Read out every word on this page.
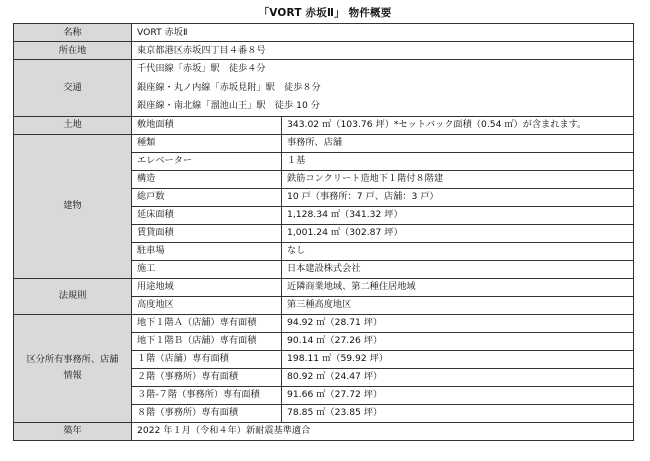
「VORT 赤坂Ⅱ」 物件概要
名称	VORT 赤坂Ⅱ	
所在地	東京都港区赤坂四丁目４番８号	
交通	千代田線「赤坂」駅　徒歩４分
銀座線・丸ノ内線「赤坂見附」駅　徒歩８分
銀座線・南北線「溜池山王」駅　徒歩 10 分	

土地	敷地面積	343.02 ㎡（103.76 坪）*セットバック面積（0.54 ㎡）が含まれます。
建物	種類	事務所、店舗
	エレベーター	１基
	構造	鉄筋コンクリート造地下１階付８階建
	総戸数	10 戸（事務所：7 戸、店舗：3 戸）
	延床面積	1,128.34 ㎡（341.32 坪）
	賃貸面積	1,001.24 ㎡（302.87 坪）
	駐車場	なし
	施工	日本建設株式会社
法規則	用途地域	近隣商業地域、第二種住居地域
	高度地区	第三種高度地区

区分所有事務所、店舗
情報	地下１階Ａ（店舗）専有面積	94.92 ㎡（28.71 坪）
	地下１階Ｂ（店舗）専有面積	90.14 ㎡（27.26 坪）
	１階（店舗）専有面積	198.11 ㎡（59.92 坪）
	２階（事務所）専有面積	80.92 ㎡（24.47 坪）
	３階-７階（事務所）専有面積	91.66 ㎡（27.72 坪）
	８階（事務所）専有面積	78.85 ㎡（23.85 坪）
築年	2022 年１月（令和４年）新耐震基準適合	
